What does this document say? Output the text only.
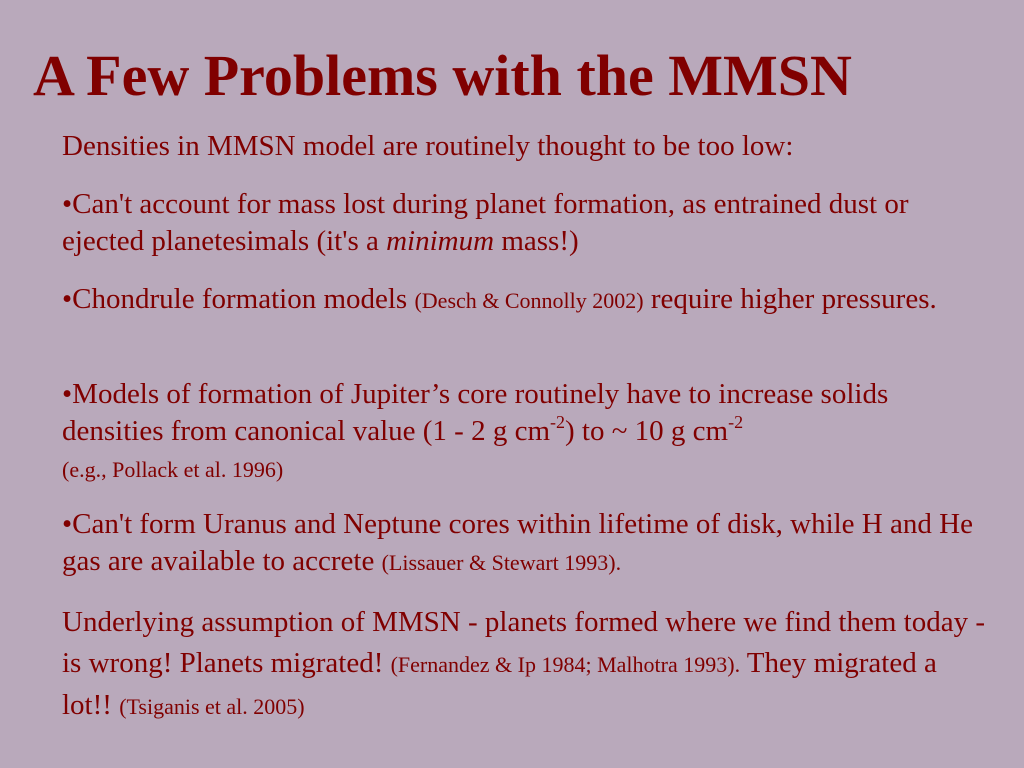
A Few Problems with the MMSN

Densities in MMSN model are routinely thought to be too low:

•Can't account for mass lost during planet formation, as entrained dust or ejected planetesimals (it's a minimum mass!)

•Chondrule formation models (Desch & Connolly 2002) require higher pressures.

•Models of formation of Jupiter’s core routinely have to increase solids densities from canonical value (1 - 2 g $cm^{-2}$) to ~ 10 g $cm^{-2}$
(e.g., Pollack et al. 1996)

•Can't form Uranus and Neptune cores within lifetime of disk, while H and He gas are available to accrete (Lissauer & Stewart 1993).

Underlying assumption of MMSN - planets formed where we find them today - is wrong! Planets migrated! (Fernandez & Ip 1984; Malhotra 1993). They migrated a lot!! (Tsiganis et al. 2005)
